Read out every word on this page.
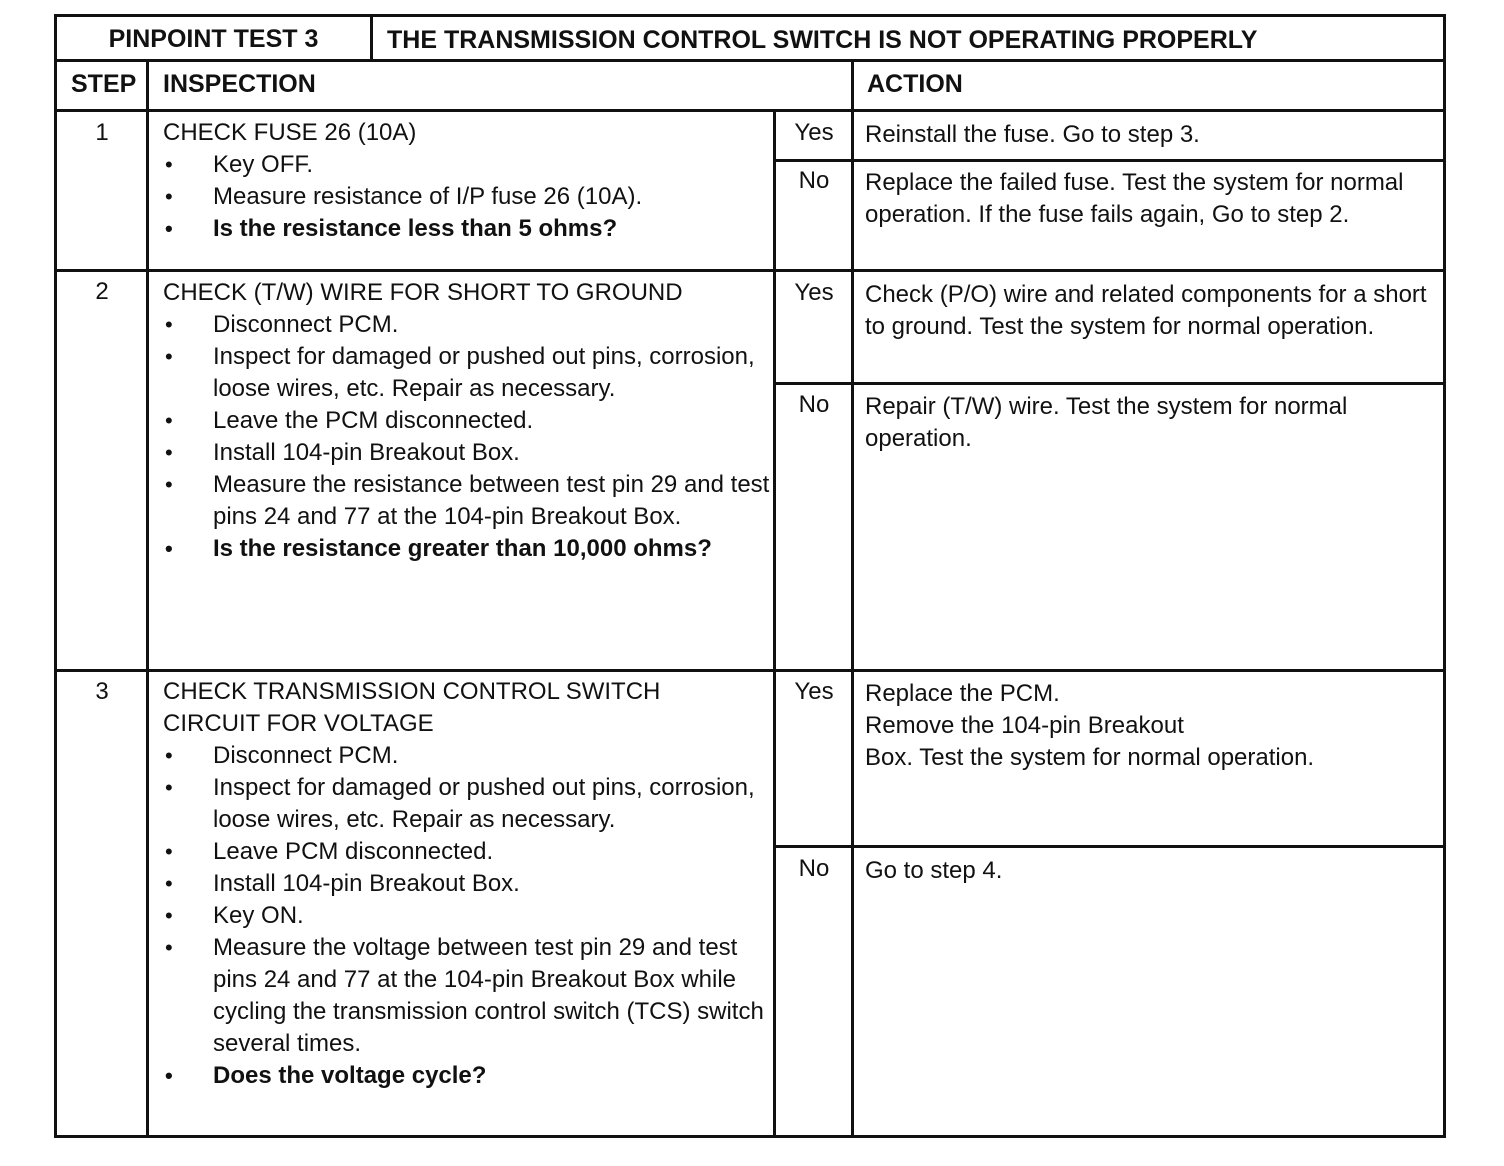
PINPOINT TEST 3	THE TRANSMISSION CONTROL SWITCH IS NOT OPERATING PROPERLY
STEP INSPECTION	ACTION
1	CHECK FUSE 26 (10A)
• Key OFF.
• Measure resistance of I/P fuse 26 (10A).
• Is the resistance less than 5 ohms?
Yes	Reinstall the fuse. Go to step 3.
No	Replace the failed fuse. Test the system for normal operation. If the fuse fails again, Go to step 2.
2	CHECK (T/W) WIRE FOR SHORT TO GROUND
• Disconnect PCM.
• Inspect for damaged or pushed out pins, corrosion, loose wires, etc. Repair as necessary.
• Leave the PCM disconnected.
• Install 104-pin Breakout Box.
• Measure the resistance between test pin 29 and test pins 24 and 77 at the 104-pin Breakout Box.
• Is the resistance greater than 10,000 ohms?
Yes	Check (P/O) wire and related components for a short to ground. Test the system for normal operation.
No	Repair (T/W) wire. Test the system for normal operation.
3	CHECK TRANSMISSION CONTROL SWITCH
CIRCUIT FOR VOLTAGE
• Disconnect PCM.
• Inspect for damaged or pushed out pins, corrosion, loose wires, etc. Repair as necessary.
• Leave PCM disconnected.
• Install 104-pin Breakout Box.
• Key ON.
• Measure the voltage between test pin 29 and test pins 24 and 77 at the 104-pin Breakout Box while cycling the transmission control switch (TCS) switch several times.
• Does the voltage cycle?
Yes	Replace the PCM.
Remove the 104-pin Breakout
Box. Test the system for normal operation.
No	Go to step 4.
